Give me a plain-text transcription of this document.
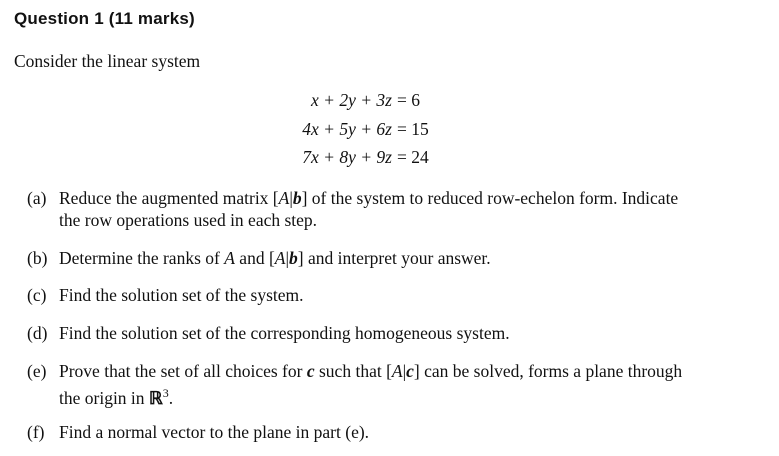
Question 1 (11 marks)
Consider the linear system
x + 2y + 3z = 6
4x + 5y + 6z = 15
7x + 8y + 9z = 24
(a) Reduce the augmented matrix [A|b] of the system to reduced row-echelon form. Indicate
the row operations used in each step.
(b) Determine the ranks of A and [A|b] and interpret your answer.
(c) Find the solution set of the system.
(d) Find the solution set of the corresponding homogeneous system.
(e) Prove that the set of all choices for c such that [A|c] can be solved, forms a plane through
the origin in ℝ$^3$.
(f) Find a normal vector to the plane in part (e).
